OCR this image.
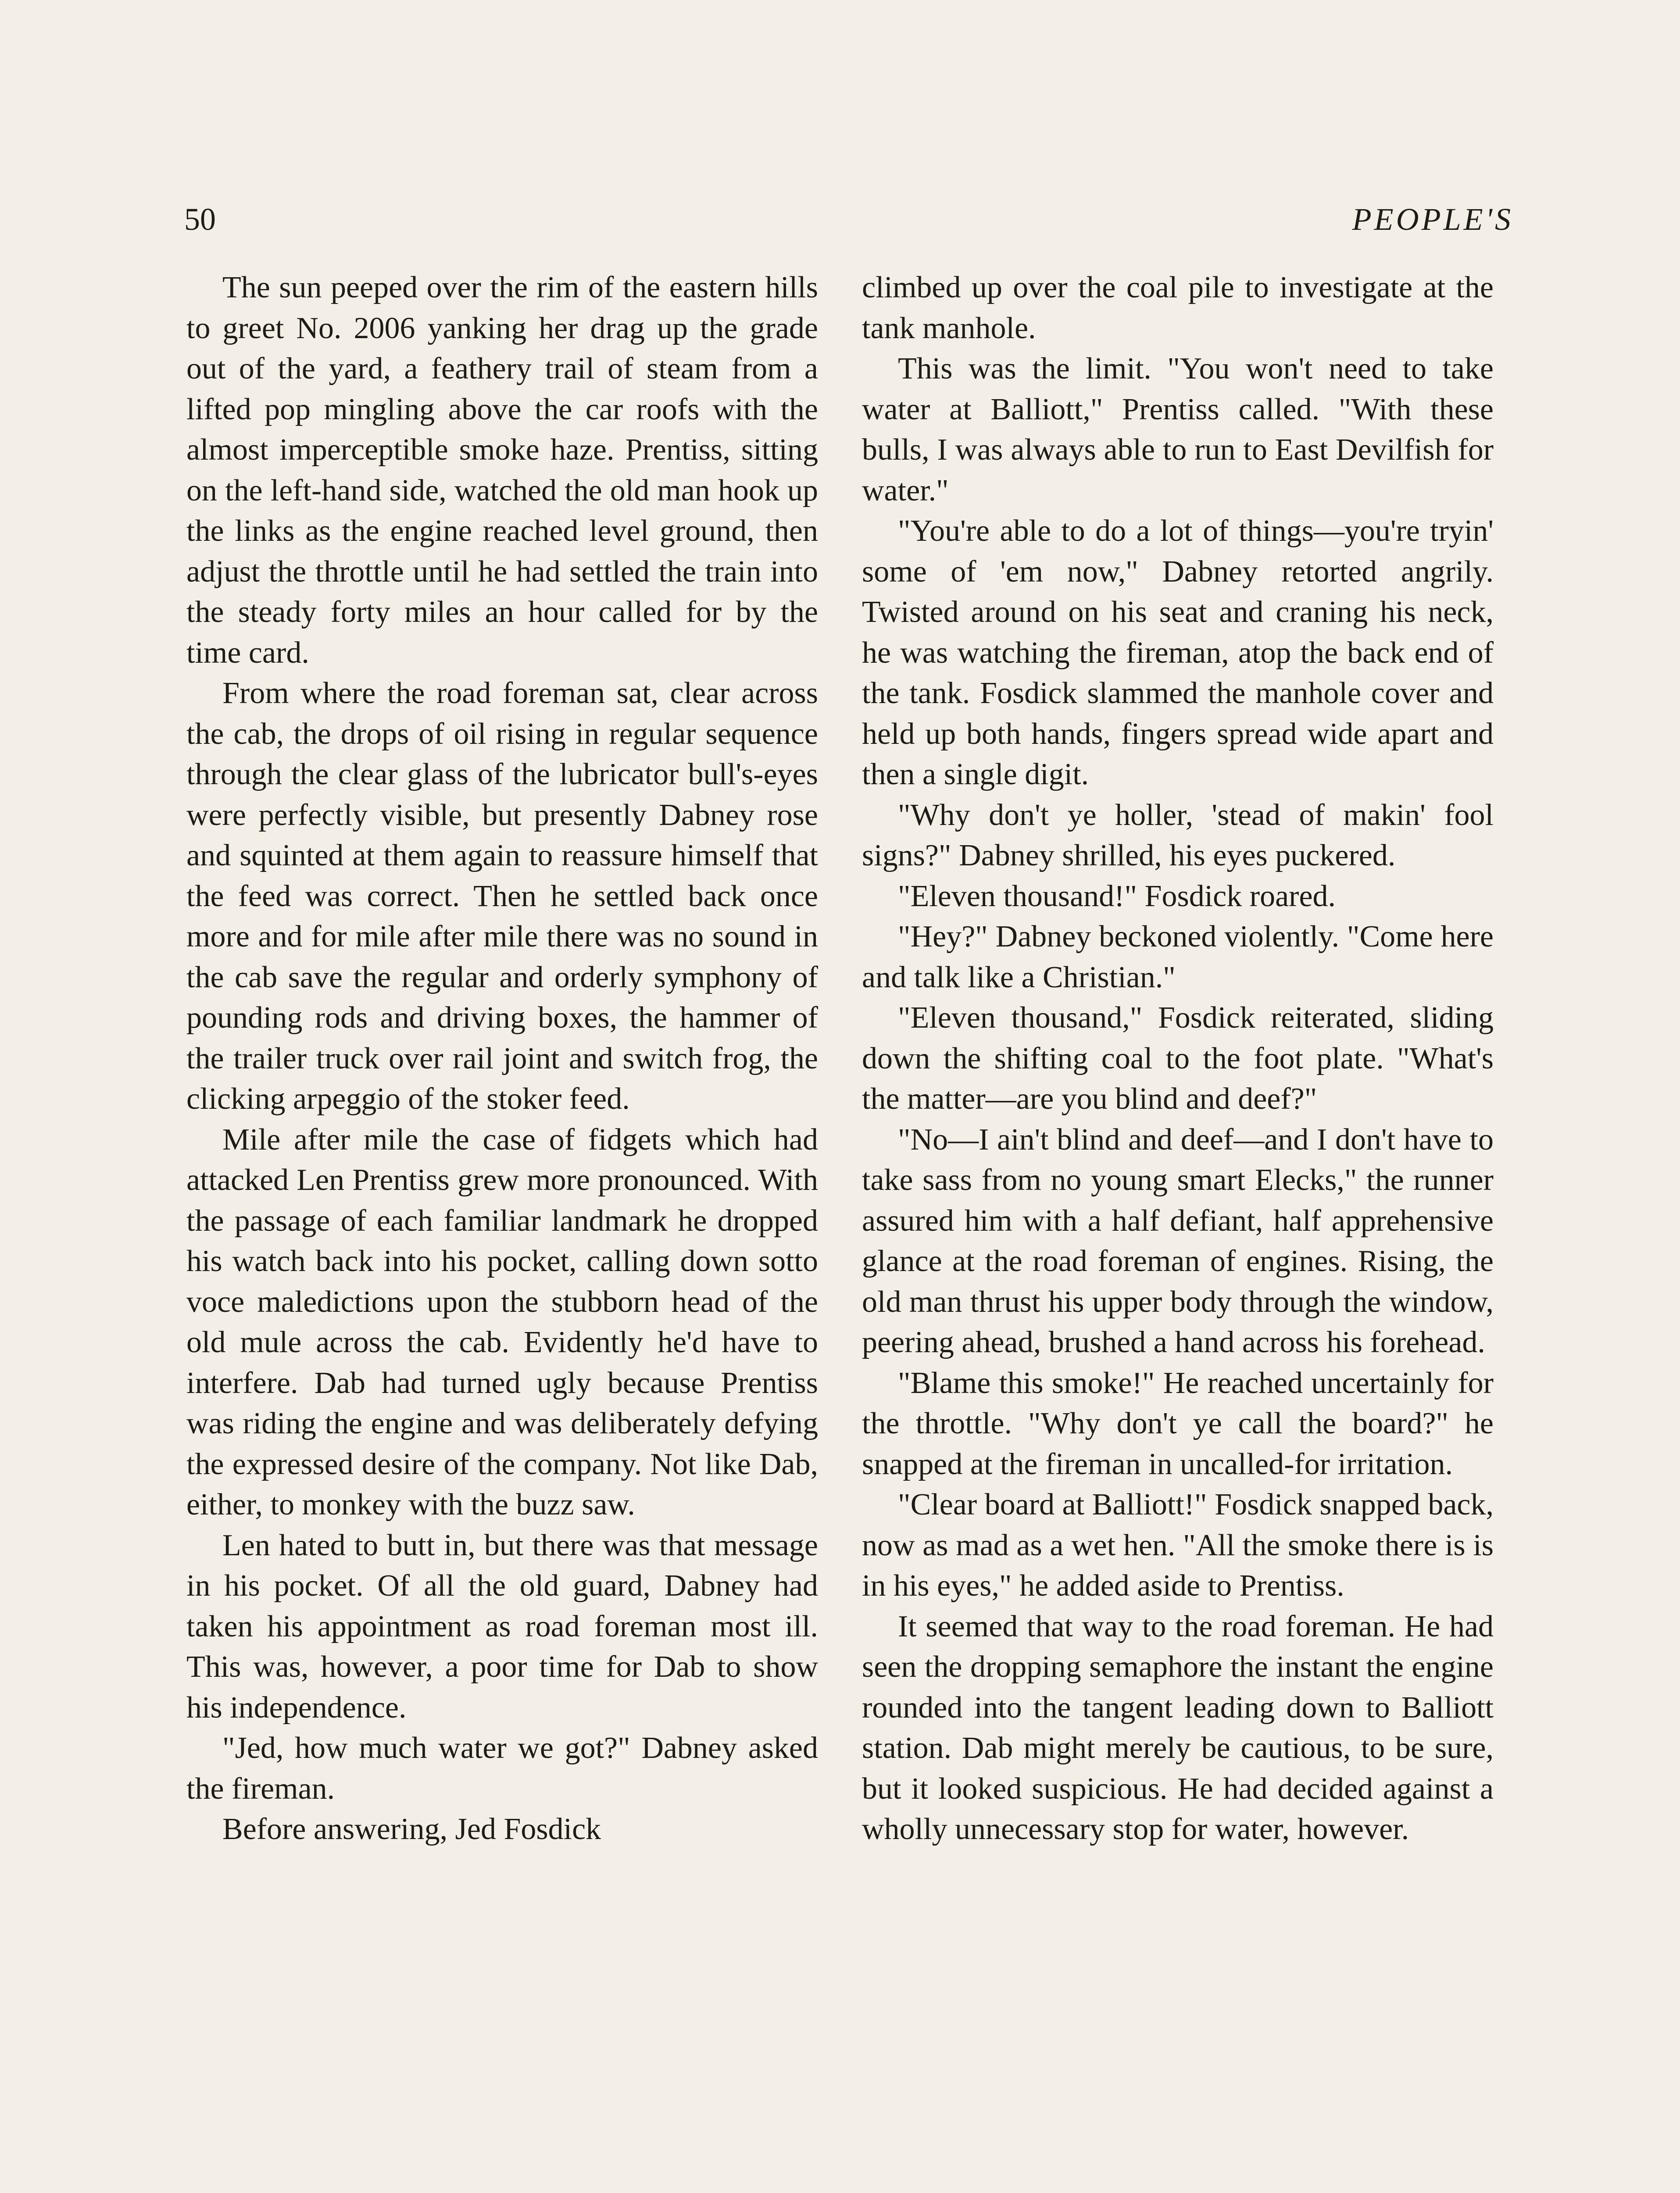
50	PEOPLE'S

The sun peeped over the rim of the eastern hills to greet No. 2006 yanking her drag up the grade out of the yard, a feathery trail of steam from a lifted pop mingling above the car roofs with the almost imperceptible smoke haze. Prentiss, sitting on the left-hand side, watched the old man hook up the links as the engine reached level ground, then adjust the throttle until he had settled the train into the steady forty miles an hour called for by the time card.

From where the road foreman sat, clear across the cab, the drops of oil rising in regular sequence through the clear glass of the lubricator bull's-eyes were perfectly visible, but presently Dabney rose and squinted at them again to reassure himself that the feed was correct. Then he settled back once more and for mile after mile there was no sound in the cab save the regular and orderly symphony of pounding rods and driving boxes, the hammer of the trailer truck over rail joint and switch frog, the clicking arpeggio of the stoker feed.

Mile after mile the case of fidgets which had attacked Len Prentiss grew more pronounced. With the passage of each familiar landmark he dropped his watch back into his pocket, calling down sotto voce maledictions upon the stubborn head of the old mule across the cab. Evidently he'd have to interfere. Dab had turned ugly because Prentiss was riding the engine and was deliberately defying the expressed desire of the company. Not like Dab, either, to monkey with the buzz saw.

Len hated to butt in, but there was that message in his pocket. Of all the old guard, Dabney had taken his appointment as road foreman most ill. This was, however, a poor time for Dab to show his independence.

"Jed, how much water we got?" Dabney asked the fireman.

Before answering, Jed Fosdick

climbed up over the coal pile to investigate at the tank manhole.

This was the limit. "You won't need to take water at Balliott," Prentiss called. "With these bulls, I was always able to run to East Devilfish for water."

"You're able to do a lot of things—you're tryin' some of 'em now," Dabney retorted angrily. Twisted around on his seat and craning his neck, he was watching the fireman, atop the back end of the tank. Fosdick slammed the manhole cover and held up both hands, fingers spread wide apart and then a single digit.

"Why don't ye holler, 'stead of makin' fool signs?" Dabney shrilled, his eyes puckered.

"Eleven thousand!" Fosdick roared.

"Hey?" Dabney beckoned violently. "Come here and talk like a Christian."

"Eleven thousand," Fosdick reiterated, sliding down the shifting coal to the foot plate. "What's the matter—are you blind and deef?"

"No—I ain't blind and deef—and I don't have to take sass from no young smart Elecks," the runner assured him with a half defiant, half apprehensive glance at the road foreman of engines. Rising, the old man thrust his upper body through the window, peering ahead, brushed a hand across his forehead.

"Blame this smoke!" He reached uncertainly for the throttle. "Why don't ye call the board?" he snapped at the fireman in uncalled-for irritation.

"Clear board at Balliott!" Fosdick snapped back, now as mad as a wet hen. "All the smoke there is is in his eyes," he added aside to Prentiss.

It seemed that way to the road foreman. He had seen the dropping semaphore the instant the engine rounded into the tangent leading down to Balliott station. Dab might merely be cautious, to be sure, but it looked suspicious. He had decided against a wholly unnecessary stop for water, however.
